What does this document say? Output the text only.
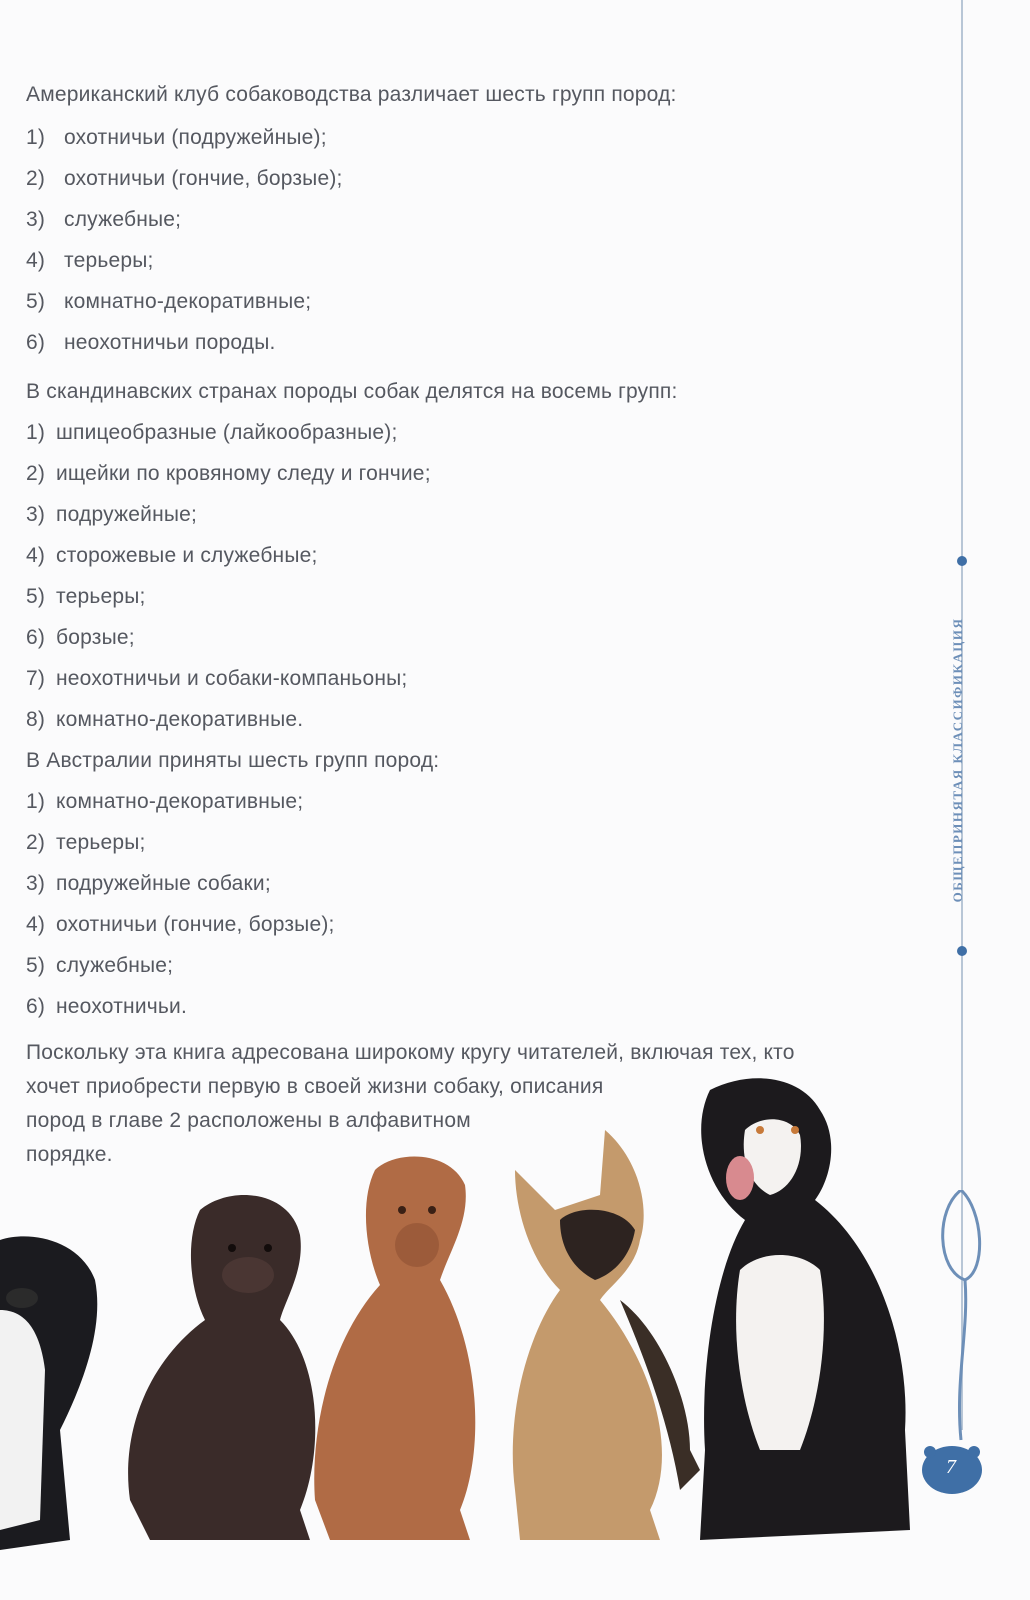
Американский клуб собаководства различает шесть групп пород:
1) охотничьи (подружейные);
2) охотничьи (гончие, борзые);
3) служебные;
4) терьеры;
5) комнатно-декоративные;
6) неохотничьи породы.
В скандинавских странах породы собак делятся на восемь групп:
1) шпицеобразные (лайкообразные);
2) ищейки по кровяному следу и гончие;
3) подружейные;
4) сторожевые и служебные;
5) терьеры;
6) борзые;
7) неохотничьи и собаки-компаньоны;
8) комнатно-декоративные.
В Австралии приняты шесть групп пород:
1) комнатно-декоративные;
2) терьеры;
3) подружейные собаки;
4) охотничьи (гончие, борзые);
5) служебные;
6) неохотничьи.
Поскольку эта книга адресована широкому кругу читателей, включая тех, кто
хочет приобрести первую в своей жизни собаку, описания
пород в главе 2 расположены в алфавитном
порядке.
ОБЩЕПРИНЯТАЯ КЛАССИФИКАЦИЯ
7
